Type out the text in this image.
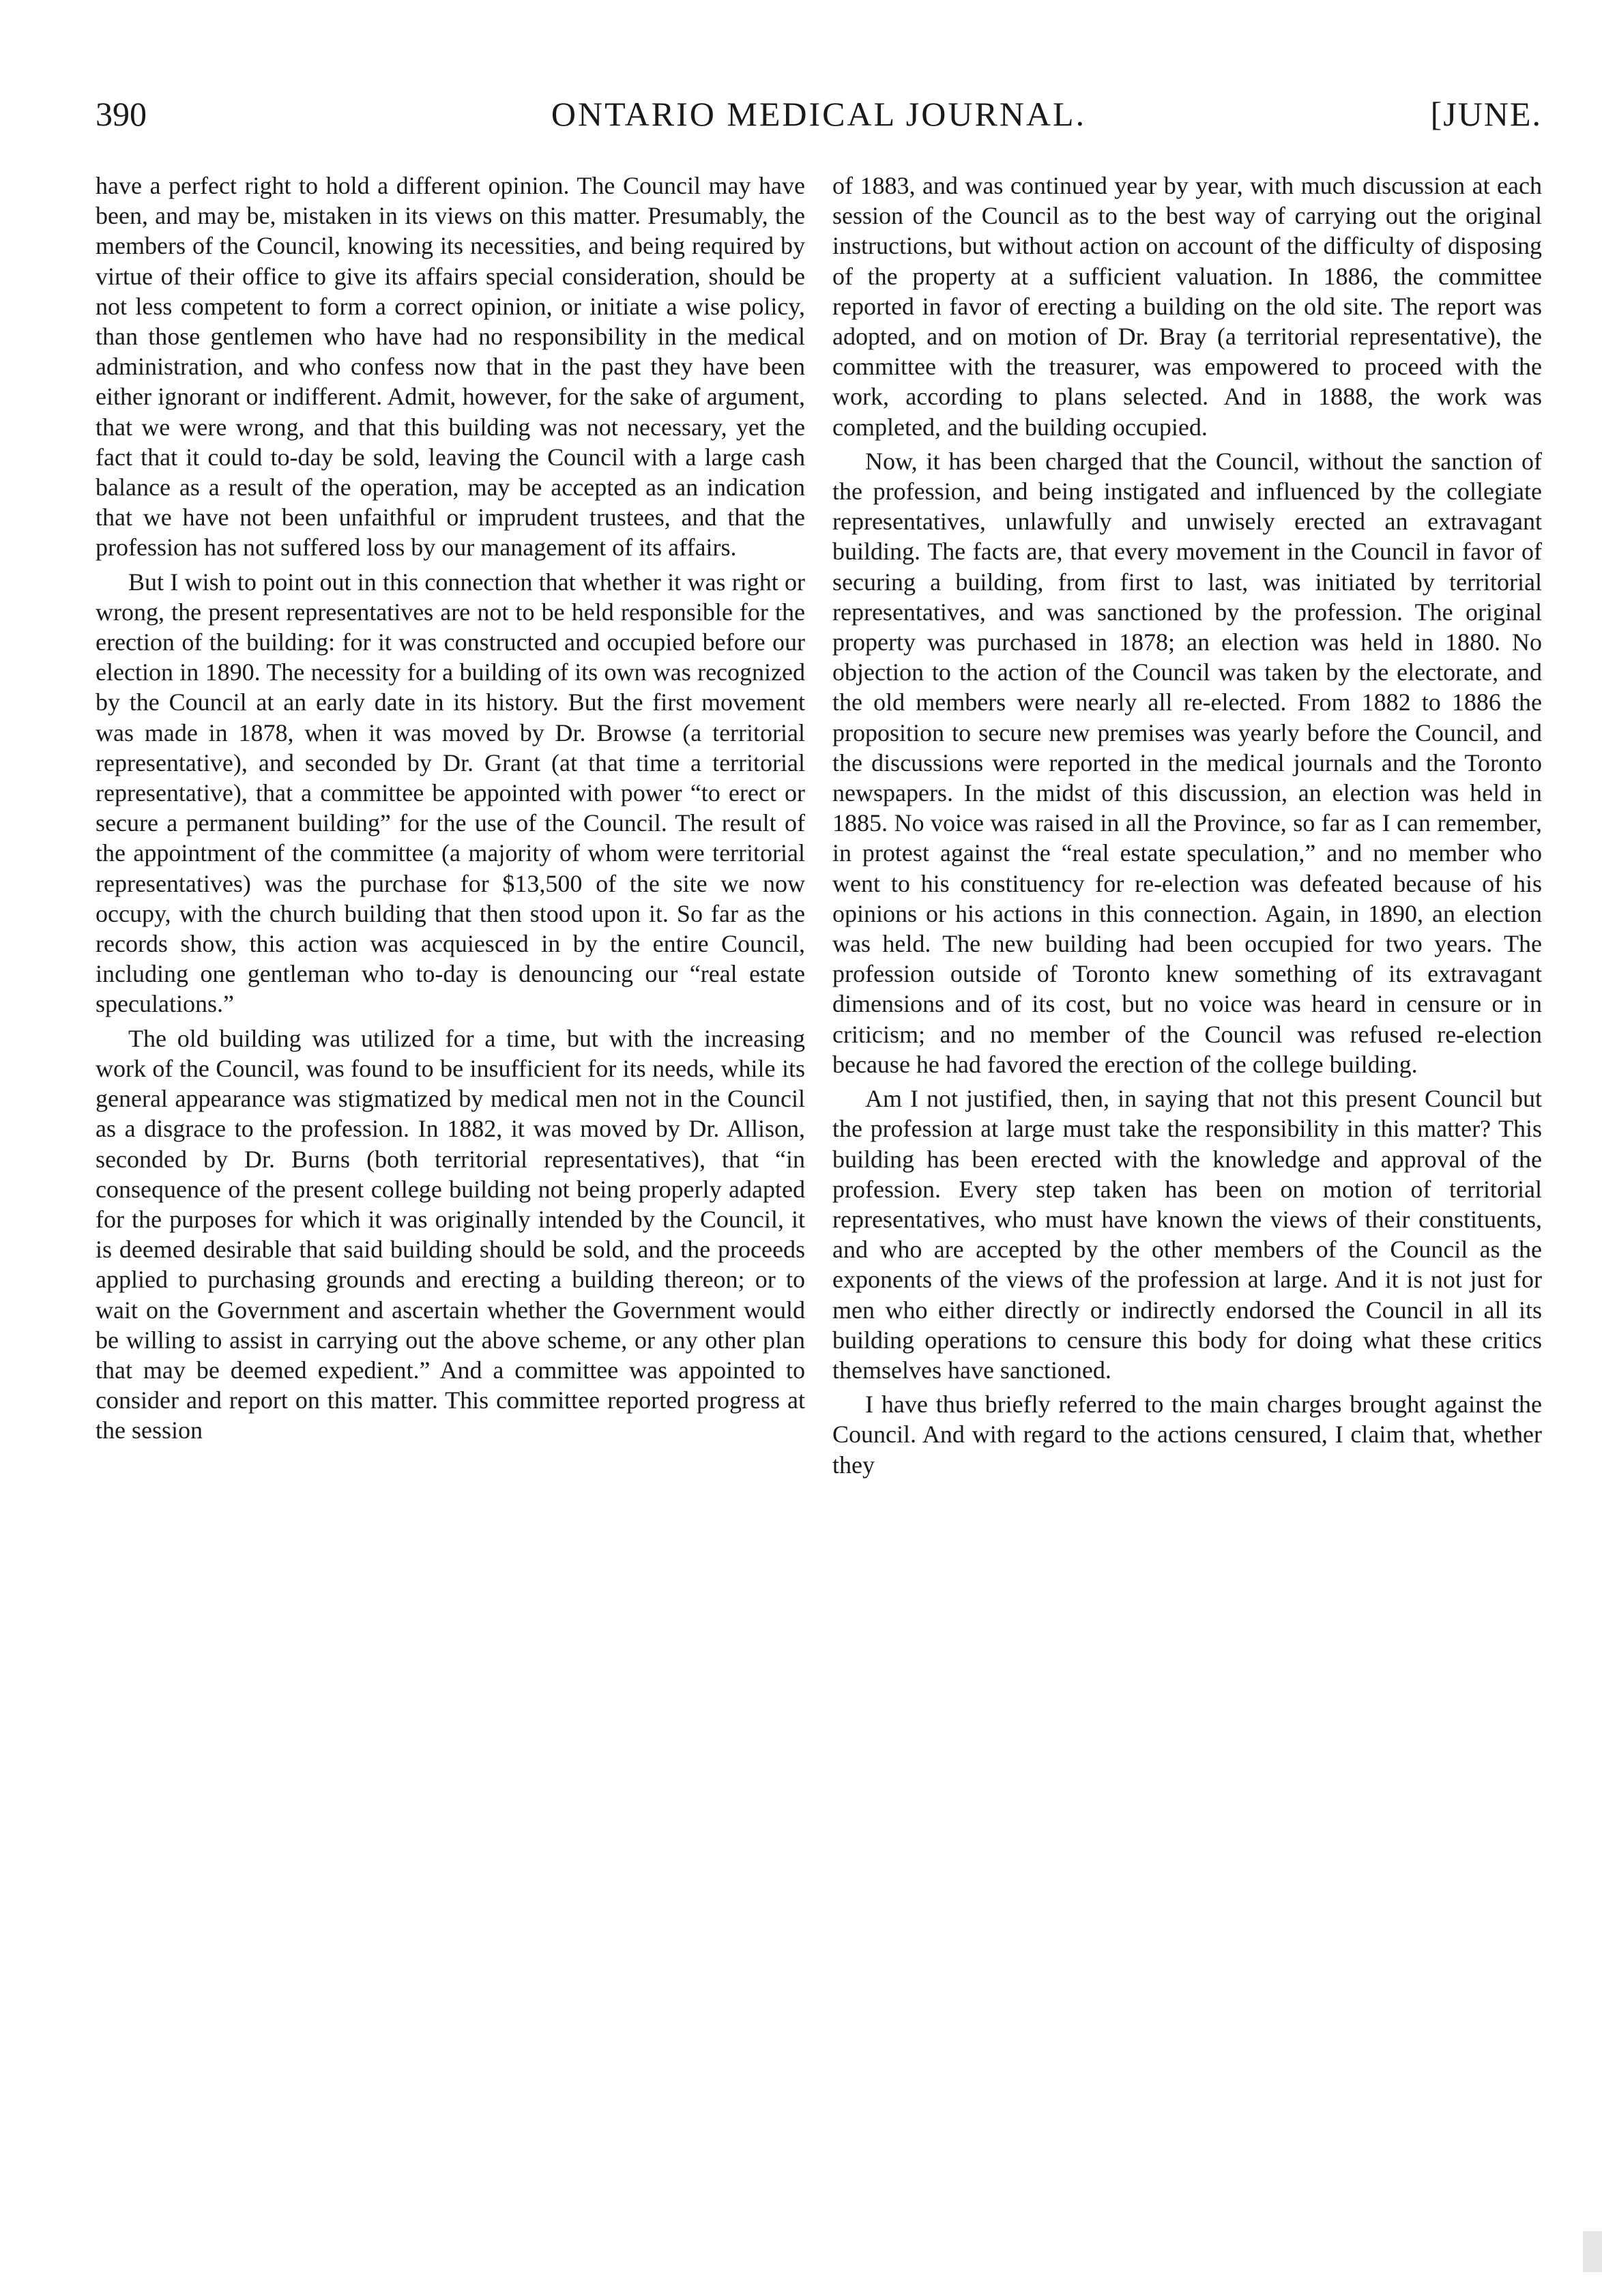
390	ONTARIO MEDICAL JOURNAL.	[JUNE.

have a perfect right to hold a different opinion. The Council may have been, and may be, mistaken in its views on this matter. Presumably, the members of the Council, knowing its necessities, and being required by virtue of their office to give its affairs special consideration, should be not less competent to form a correct opinion, or initiate a wise policy, than those gentlemen who have had no responsibility in the medical administration, and who confess now that in the past they have been either ignorant or indifferent. Admit, however, for the sake of argument, that we were wrong, and that this building was not necessary, yet the fact that it could to-day be sold, leaving the Council with a large cash balance as a result of the operation, may be accepted as an indication that we have not been unfaithful or imprudent trustees, and that the profession has not suffered loss by our management of its affairs.

But I wish to point out in this connection that whether it was right or wrong, the present representatives are not to be held responsible for the erection of the building: for it was constructed and occupied before our election in 1890. The necessity for a building of its own was recognized by the Council at an early date in its history. But the first movement was made in 1878, when it was moved by Dr. Browse (a territorial representative), and seconded by Dr. Grant (at that time a territorial representative), that a committee be appointed with power “to erect or secure a permanent building” for the use of the Council. The result of the appointment of the committee (a majority of whom were territorial representatives) was the purchase for $13,500 of the site we now occupy, with the church building that then stood upon it. So far as the records show, this action was acquiesced in by the entire Council, including one gentleman who to-day is denouncing our “real estate speculations.”

The old building was utilized for a time, but with the increasing work of the Council, was found to be insufficient for its needs, while its general appearance was stigmatized by medical men not in the Council as a disgrace to the profession. In 1882, it was moved by Dr. Allison, seconded by Dr. Burns (both territorial representatives), that “in consequence of the present college building not being properly adapted for the purposes for which it was originally intended by the Council, it is deemed desirable that said building should be sold, and the proceeds applied to purchasing grounds and erecting a building thereon; or to wait on the Government and ascertain whether the Government would be willing to assist in carrying out the above scheme, or any other plan that may be deemed expedient.” And a committee was appointed to consider and report on this matter. This committee reported progress at the session

of 1883, and was continued year by year, with much discussion at each session of the Council as to the best way of carrying out the original instructions, but without action on account of the difficulty of disposing of the property at a sufficient valuation. In 1886, the committee reported in favor of erecting a building on the old site. The report was adopted, and on motion of Dr. Bray (a territorial representative), the committee with the treasurer, was empowered to proceed with the work, according to plans selected. And in 1888, the work was completed, and the building occupied.

Now, it has been charged that the Council, without the sanction of the profession, and being instigated and influenced by the collegiate representatives, unlawfully and unwisely erected an extravagant building. The facts are, that every movement in the Council in favor of securing a building, from first to last, was initiated by territorial representatives, and was sanctioned by the profession. The original property was purchased in 1878; an election was held in 1880. No objection to the action of the Council was taken by the electorate, and the old members were nearly all re-elected. From 1882 to 1886 the proposition to secure new premises was yearly before the Council, and the discussions were reported in the medical journals and the Toronto newspapers. In the midst of this discussion, an election was held in 1885. No voice was raised in all the Province, so far as I can remember, in protest against the “real estate speculation,” and no member who went to his constituency for re-election was defeated because of his opinions or his actions in this connection. Again, in 1890, an election was held. The new building had been occupied for two years. The profession outside of Toronto knew something of its extravagant dimensions and of its cost, but no voice was heard in censure or in criticism; and no member of the Council was refused re-election because he had favored the erection of the college building.

Am I not justified, then, in saying that not this present Council but the profession at large must take the responsibility in this matter? This building has been erected with the knowledge and approval of the profession. Every step taken has been on motion of territorial representatives, who must have known the views of their constituents, and who are accepted by the other members of the Council as the exponents of the views of the profession at large. And it is not just for men who either directly or indirectly endorsed the Council in all its building operations to censure this body for doing what these critics themselves have sanctioned.

I have thus briefly referred to the main charges brought against the Council. And with regard to the actions censured, I claim that, whether they
